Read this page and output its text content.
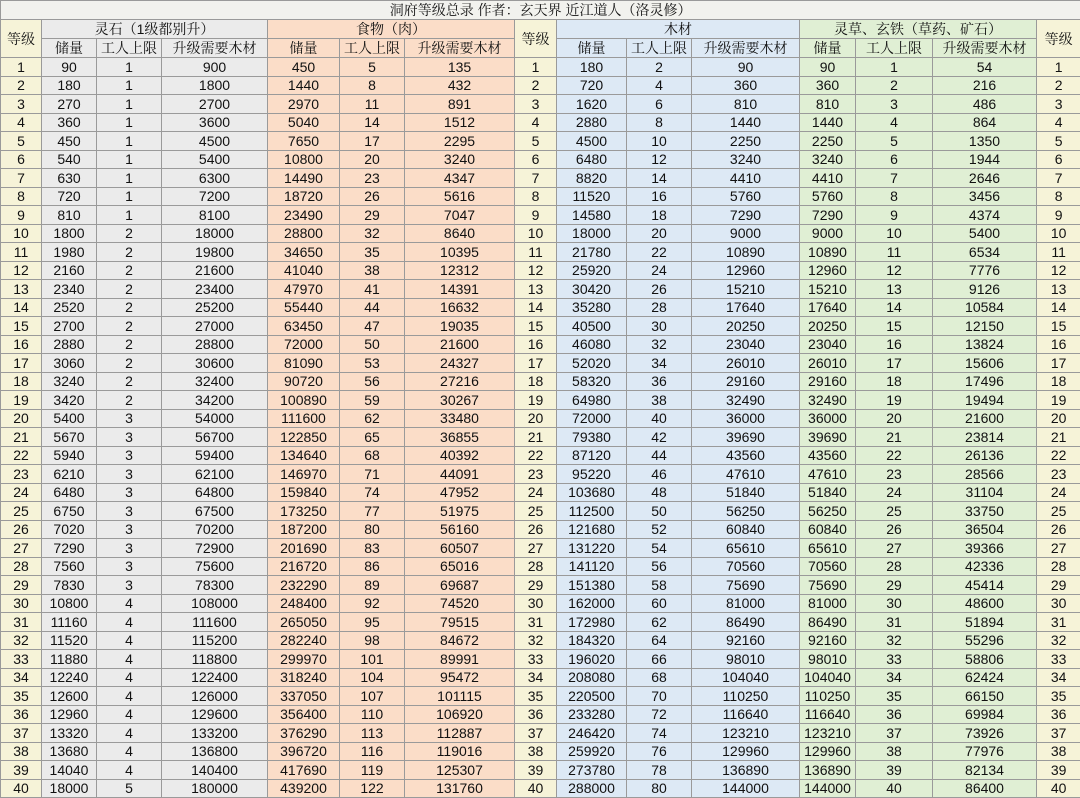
洞府等级总录 作者：玄天界 近江道人（洛灵修）														
等级	灵石（1级都别升）			食物（肉）			等级	木材			灵草、玄铁（草药、矿石）			等级
	储量	工人上限	升级需要木材	储量	工人上限	升级需要木材		储量	工人上限	升级需要木材	储量	工人上限	升级需要木材	
1	90	1	900	450	5	135	1	180	2	90	90	1	54	1
2	180	1	1800	1440	8	432	2	720	4	360	360	2	216	2
3	270	1	2700	2970	11	891	3	1620	6	810	810	3	486	3
4	360	1	3600	5040	14	1512	4	2880	8	1440	1440	4	864	4
5	450	1	4500	7650	17	2295	5	4500	10	2250	2250	5	1350	5
6	540	1	5400	10800	20	3240	6	6480	12	3240	3240	6	1944	6
7	630	1	6300	14490	23	4347	7	8820	14	4410	4410	7	2646	7
8	720	1	7200	18720	26	5616	8	11520	16	5760	5760	8	3456	8
9	810	1	8100	23490	29	7047	9	14580	18	7290	7290	9	4374	9
10	1800	2	18000	28800	32	8640	10	18000	20	9000	9000	10	5400	10
11	1980	2	19800	34650	35	10395	11	21780	22	10890	10890	11	6534	11
12	2160	2	21600	41040	38	12312	12	25920	24	12960	12960	12	7776	12
13	2340	2	23400	47970	41	14391	13	30420	26	15210	15210	13	9126	13
14	2520	2	25200	55440	44	16632	14	35280	28	17640	17640	14	10584	14
15	2700	2	27000	63450	47	19035	15	40500	30	20250	20250	15	12150	15
16	2880	2	28800	72000	50	21600	16	46080	32	23040	23040	16	13824	16
17	3060	2	30600	81090	53	24327	17	52020	34	26010	26010	17	15606	17
18	3240	2	32400	90720	56	27216	18	58320	36	29160	29160	18	17496	18
19	3420	2	34200	100890	59	30267	19	64980	38	32490	32490	19	19494	19
20	5400	3	54000	111600	62	33480	20	72000	40	36000	36000	20	21600	20
21	5670	3	56700	122850	65	36855	21	79380	42	39690	39690	21	23814	21
22	5940	3	59400	134640	68	40392	22	87120	44	43560	43560	22	26136	22
23	6210	3	62100	146970	71	44091	23	95220	46	47610	47610	23	28566	23
24	6480	3	64800	159840	74	47952	24	103680	48	51840	51840	24	31104	24
25	6750	3	67500	173250	77	51975	25	112500	50	56250	56250	25	33750	25
26	7020	3	70200	187200	80	56160	26	121680	52	60840	60840	26	36504	26
27	7290	3	72900	201690	83	60507	27	131220	54	65610	65610	27	39366	27
28	7560	3	75600	216720	86	65016	28	141120	56	70560	70560	28	42336	28
29	7830	3	78300	232290	89	69687	29	151380	58	75690	75690	29	45414	29
30	10800	4	108000	248400	92	74520	30	162000	60	81000	81000	30	48600	30
31	11160	4	111600	265050	95	79515	31	172980	62	86490	86490	31	51894	31
32	11520	4	115200	282240	98	84672	32	184320	64	92160	92160	32	55296	32
33	11880	4	118800	299970	101	89991	33	196020	66	98010	98010	33	58806	33
34	12240	4	122400	318240	104	95472	34	208080	68	104040	104040	34	62424	34
35	12600	4	126000	337050	107	101115	35	220500	70	110250	110250	35	66150	35
36	12960	4	129600	356400	110	106920	36	233280	72	116640	116640	36	69984	36
37	13320	4	133200	376290	113	112887	37	246420	74	123210	123210	37	73926	37
38	13680	4	136800	396720	116	119016	38	259920	76	129960	129960	38	77976	38
39	14040	4	140400	417690	119	125307	39	273780	78	136890	136890	39	82134	39
40	18000	5	180000	439200	122	131760	40	288000	80	144000	144000	40	86400	40
